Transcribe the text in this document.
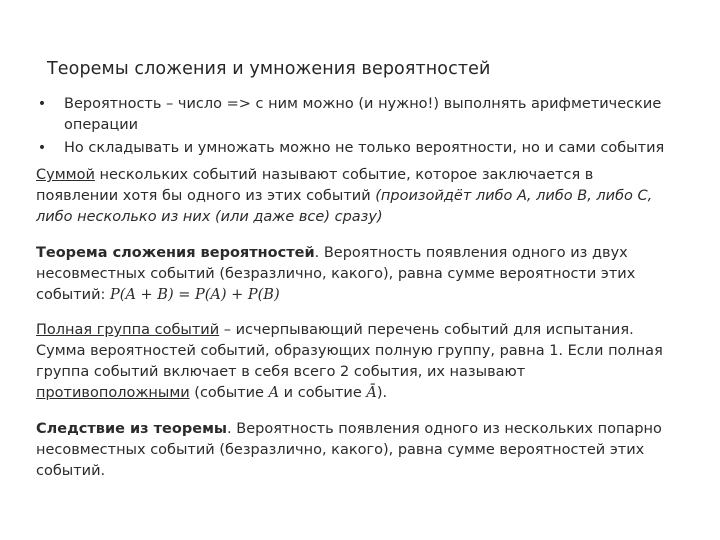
Теоремы сложения и умножения вероятностей
• Вероятность – число => с ним можно (и нужно!) выполнять арифметические операции
• Но складывать и умножать можно не только вероятности, но и сами события

Суммой нескольких событий называют событие, которое заключается в появлении хотя бы одного из этих событий (произойдёт либо А, либо В, либо С, либо несколько из них (или даже все) сразу)

Теорема сложения вероятностей. Вероятность появления одного из двух несовместных событий (безразлично, какого), равна сумме вероятности этих событий: P(A + B) = P(A) + P(B)

Полная группа событий – исчерпывающий перечень событий для испытания. Сумма вероятностей событий, образующих полную группу, равна 1. Если полная группа событий включает в себя всего 2 события, их называют противоположными (событие A и событие Ā).

Следствие из теоремы. Вероятность появления одного из нескольких попарно несовместных событий (безразлично, какого), равна сумме вероятностей этих событий.
